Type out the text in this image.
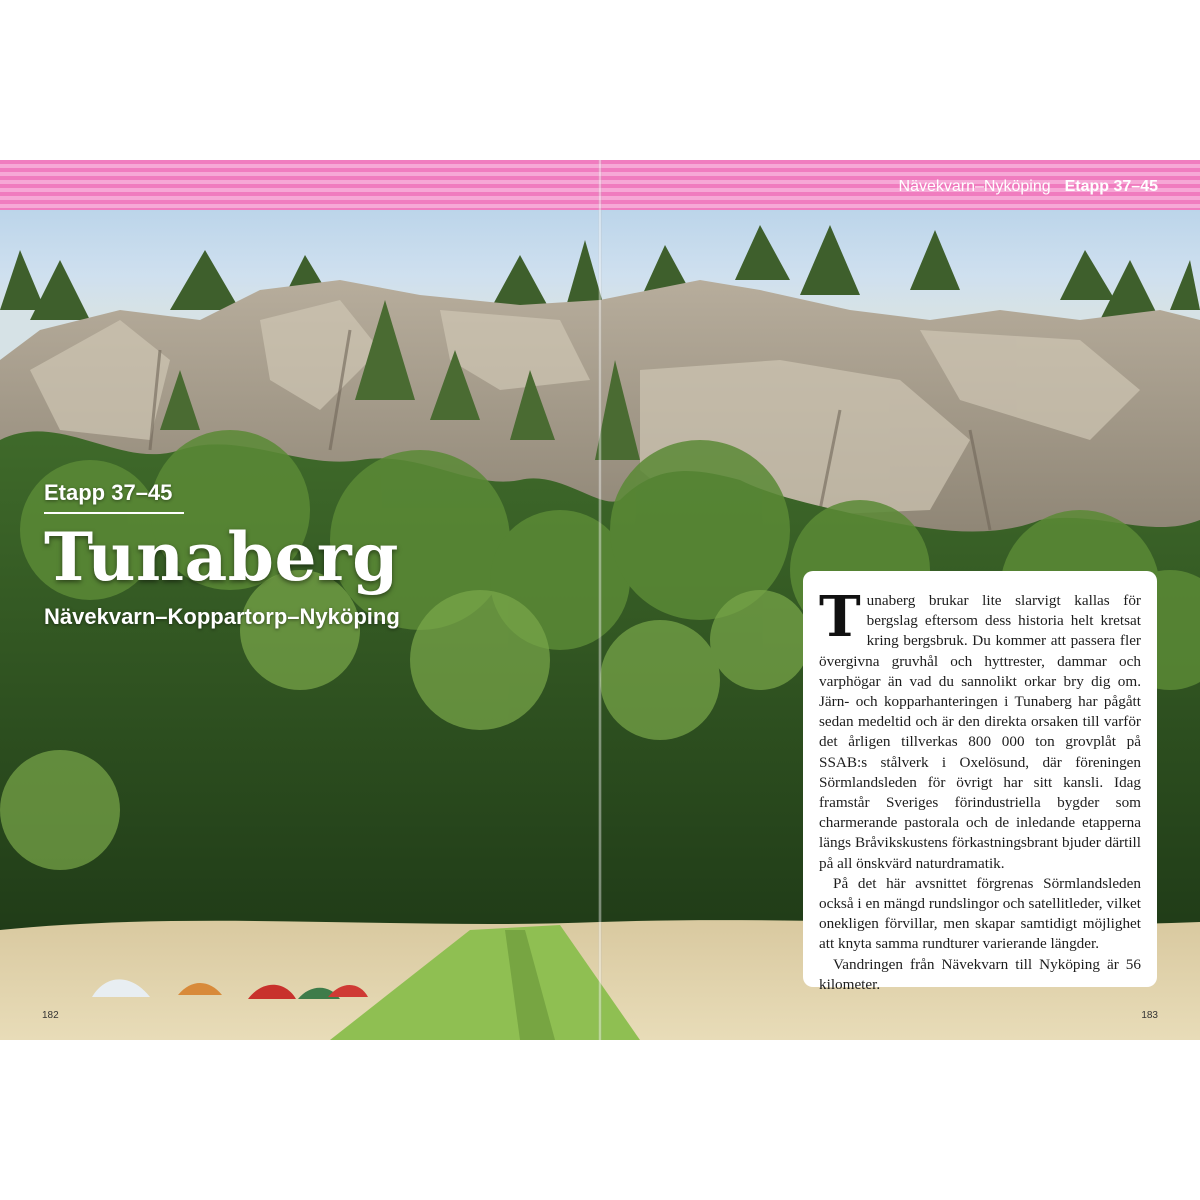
Nävekvarn–Nyköping Etapp 37–45
Etapp 37–45
Tunaberg
Nävekvarn–Koppartorp–Nyköping	Tunaberg brukar lite slarvigt kallas för bergslag eftersom dess historia helt kretsat kring bergsbruk. Du kommer att passera fler övergivna gruvhål och hyttrester, dammar och varphögar än vad du sannolikt orkar bry dig om. Järn- och kopparhanteringen i Tunaberg har pågått sedan medeltid och är den direkta orsaken till varför det årligen tillverkas 800 000 ton grovplåt på SSAB:s stålverk i Oxelösund, där föreningen Sörmlandsleden för övrigt har sitt kansli. Idag framstår Sveriges förindustriella bygder som charmerande pastorala och de inledande etapperna längs Bråvikskustens förkastningsbrant bjuder därtill på all önskvärd naturdramatik.

På det här avsnittet förgrenas Sörmlandsleden också i en mängd rundslingor och satellitleder, vilket onekligen förvillar, men skapar samtidigt möjlighet att knyta samma rundturer varierande längder.

Vandringen från Nävekvarn till Nyköping är 56 kilometer.

182	183
